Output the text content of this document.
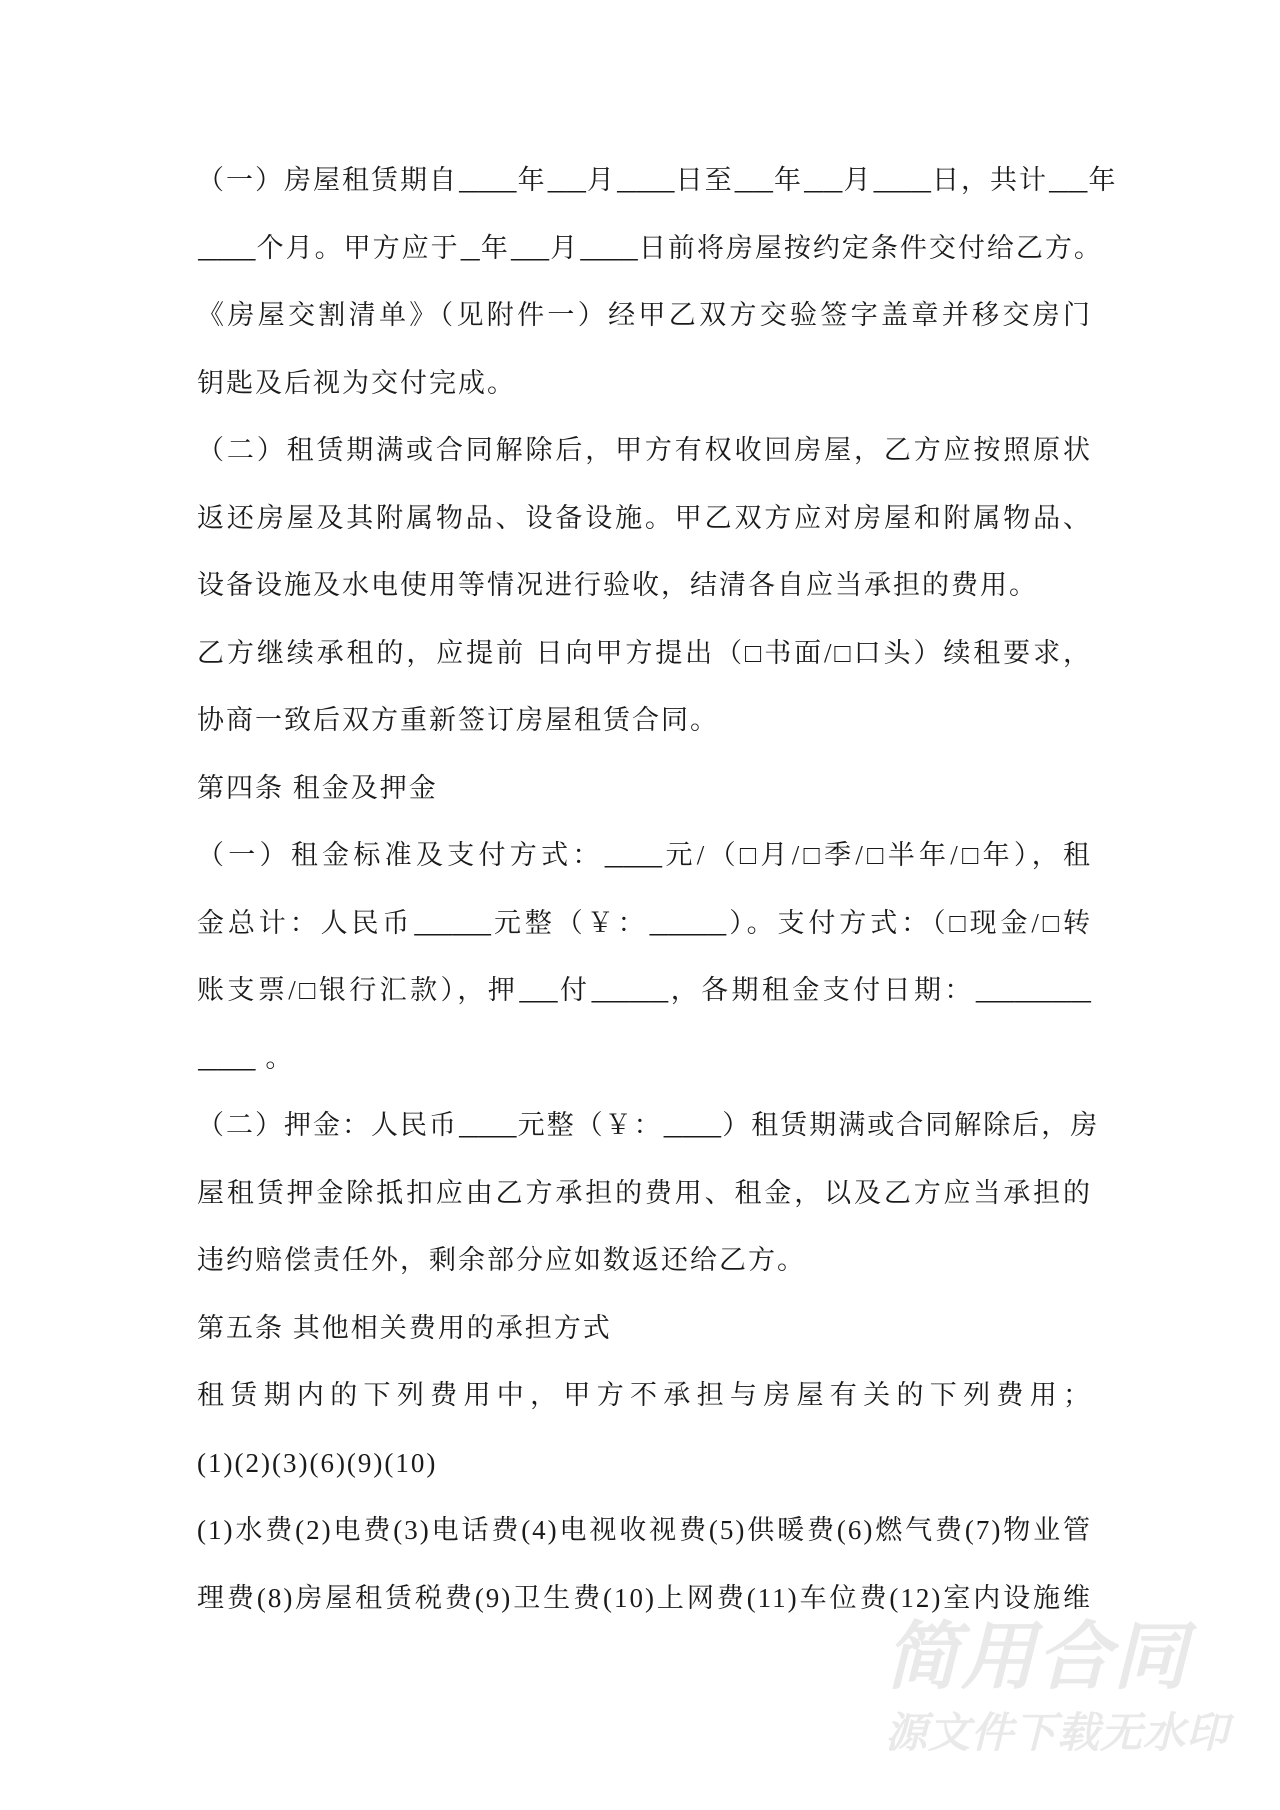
（一）房屋租赁期自___年__月___日至__年__月___日，共计__年
___个月。甲方应于_年__月___日前将房屋按约定条件交付给乙方。
《房屋交割清单》（见附件一）经甲乙双方交验签字盖章并移交房门
钥匙及后视为交付完成。
（二）租赁期满或合同解除后，甲方有权收回房屋，乙方应按照原状
返还房屋及其附属物品、设备设施。甲乙双方应对房屋和附属物品、
设备设施及水电使用等情况进行验收，结清各自应当承担的费用。
乙方继续承租的，应提前 日向甲方提出（□书面/□口头）续租要求，
协商一致后双方重新签订房屋租赁合同。
第四条 租金及押金
（一）租金标准及支付方式：___元/（□月/□季/□半年/□年），租
金总计：人民币____元整（￥：____）。支付方式：（□现金/□转
账支票/□银行汇款），押__付____，各期租金支付日期：______
___ 。
（二）押金：人民币___元整（￥：___）租赁期满或合同解除后，房
屋租赁押金除抵扣应由乙方承担的费用、租金，以及乙方应当承担的
违约赔偿责任外，剩余部分应如数返还给乙方。
第五条 其他相关费用的承担方式
租赁期内的下列费用中，甲方不承担与房屋有关的下列费用；
(1)(2)(3)(6)(9)(10)
(1)水费(2)电费(3)电话费(4)电视收视费(5)供暖费(6)燃气费(7)物业管
理费(8)房屋租赁税费(9)卫生费(10)上网费(11)车位费(12)室内设施维
简用合同
源文件下载无水印
